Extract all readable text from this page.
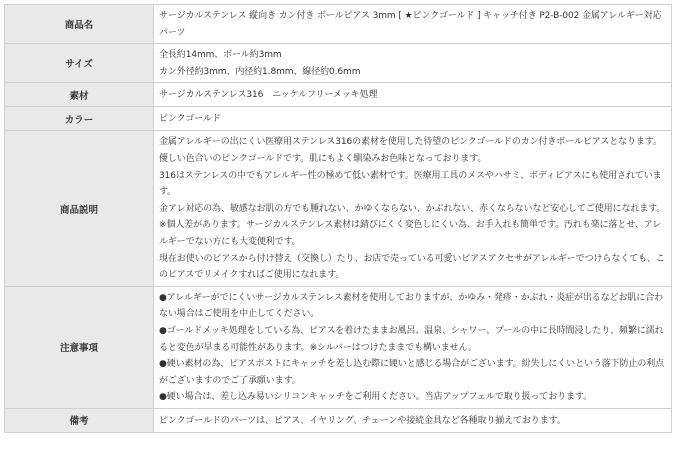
商品名	サージカルステンレス 縦向き カン付き ボールピアス 3mm [ ★ピンクゴールド ] キャッチ付き P2-B-002 金属アレルギー対応 パーツ

サイズ	全長約14mm、ボール約3mm
カン外径約3mm、内径約1.8mm、線径約0.6mm

素材	サージカルステンレス316　ニッケルフリーメッキ処理

カラー	ピンクゴールド

商品説明	金属アレルギーの出にくい医療用ステンレス316の素材を使用した待望のピンクゴールドのカン付きボールピアスとなります。優しい色合いのピンクゴールドです。肌にもよく馴染みお色味となっております。
316はステンレスの中でもアレルギー性の極めて低い素材です。医療用工具のメスやハサミ、ボディピアスにも使用されています。
金アレ対応の為、敏感なお肌の方でも腫れない、かゆくならない、かぶれない、赤くならないなど安心してご使用になれます。※個人差があります。サージカルステンレス素材は錆びにくく変色しにくい為、お手入れも簡単です。汚れも楽に落とせ、アレルギーでない方にも大変便利です。
現在お使いのピアスから付け替え（交換し）たり、お店で売っている可愛いピアスアクセサがアレルギーでつけらなくても、このピアスでリメイクすればご使用になれます。

注意事項	●アレルギーがでにくいサージカルステンレス素材を使用しておりますが、かゆみ・発疹・かぶれ・炎症が出るなどお肌に合わない場合はご使用を中止してください。
●ゴールドメッキ処理をしている為、ピアスを着けたままお風呂、温泉、シャワー、プールの中に長時間浸したり、頻繁に濡れると変色が早まる可能性があります。※シルバーはつけたままでも構いません。
●硬い素材の為、ピアスポストにキャッチを差し込む際に硬いと感じる場合がございます。紛失しにくいという落下防止の利点がございますのでご了承願います。
●硬い場合は、差し込み易いシリコンキャッチをご利用ください。当店アップフェルで取り扱っております。

備考	ピンクゴールドのパーツは、ピアス、イヤリング、チェーンや接続金具など各種取り揃えております。
